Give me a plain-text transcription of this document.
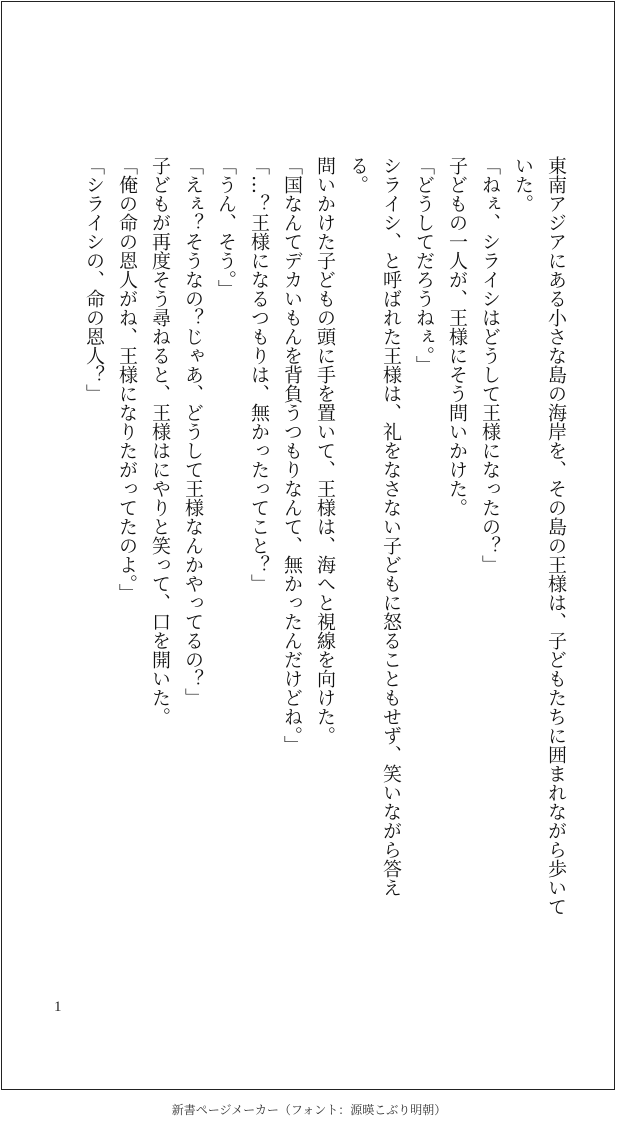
東南アジアにある小さな島の海岸を、その島の王様は、子どもたちに囲まれながら歩いていた。

「ねぇ、シライシはどうして王様になったの？」

子どもの一人が、王様にそう問いかけた。

「どうしてだろうねぇ。」

シライシ、と呼ばれた王様は、礼をなさない子どもに怒ることもせず、笑いながら答える。

問いかけた子どもの頭に手を置いて、王様は、海へと視線を向けた。

「国なんてデカいもんを背負うつもりなんて、無かったんだけどね。」

「…？王様になるつもりは、無かったってこと？」

「うん、そう。」

「えぇ？そうなの？じゃあ、どうして王様なんかやってるの？」

子どもが再度そう尋ねると、王様はにやりと笑って、口を開いた。

「俺の命の恩人がね、王様になりたがってたのよ。」

「シライシの、命の恩人？」

1
新書ページメーカー（フォント：源暎こぶり明朝）
